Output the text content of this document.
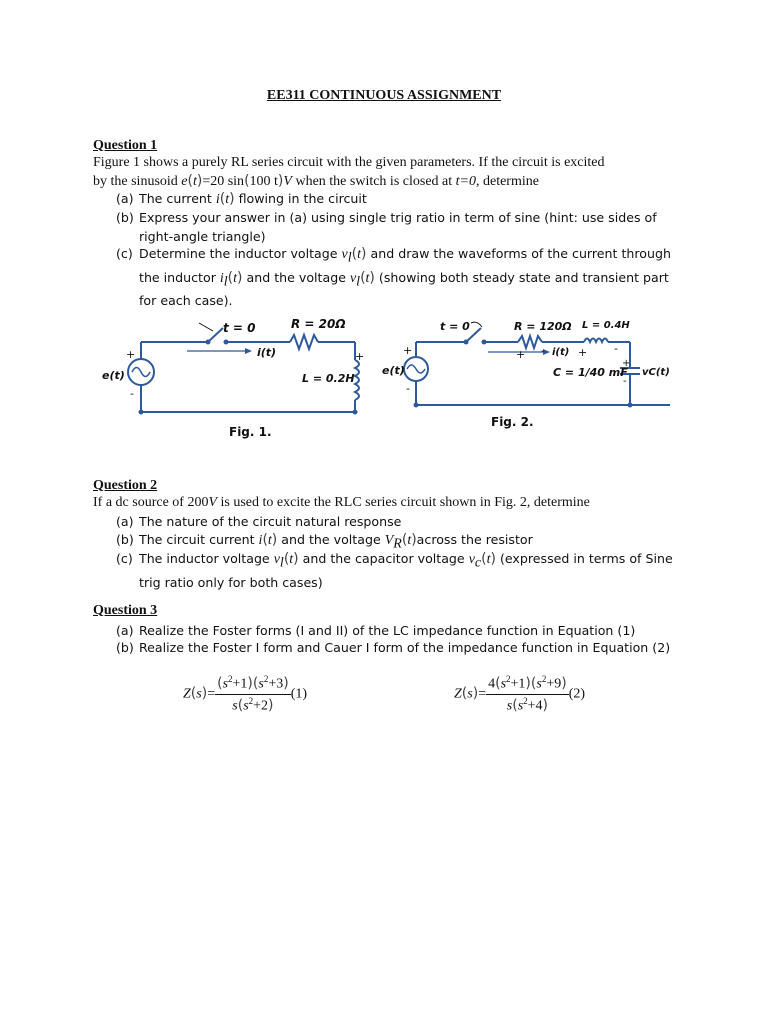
EE311 CONTINUOUS ASSIGNMENT
Question 1
Figure 1 shows a purely RL series circuit with the given parameters. If the circuit is excited
by the sinusoid e(t)=20 sin(100 t)V when the switch is closed at t=0, determine
(a) The current i(t) flowing in the circuit
(b) Express your answer in (a) using single trig ratio in term of sine (hint: use sides of
right-angle triangle)
(c) Determine the inductor voltage $v_l(t)$ and draw the waveforms of the current through
the inductor $i_l(t)$ and the voltage $v_l(t)$ (showing both steady state and transient part
for each case).
t = 0	R = 20Ω
i(t)
e(t)	L = 0.2H
+
-
+
Fig. 1.
t = 0	R = 120Ω L = 0.4H
i(t)
e(t)	C = 1/40 mF vC(t)
+
-
+ -	+ -
+
-
Fig. 2.
Question 2
If a dc source of 200V is used to excite the RLC series circuit shown in Fig. 2, determine
(a) The nature of the circuit natural response
(b) The circuit current i(t) and the voltage $V_R(t)across$ the resistor
(c) The inductor voltage $v_l(t)$ and the capacitor voltage $v_c(t)$ (expressed in terms of Sine
trig ratio only for both cases)
Question 3
(a) Realize the Foster forms (I and II) of the LC impedance function in Equation (1)
(b) Realize the Foster I form and Cauer I form of the impedance function in Equation (2)
$Z(s)= \frac{(s^2+1)(s^2+3)}{s(s^2+2)} (1)$	$Z(s)= \frac{4(s^2+1)(s^2+9)}{s(s^2+4)} (2)$
